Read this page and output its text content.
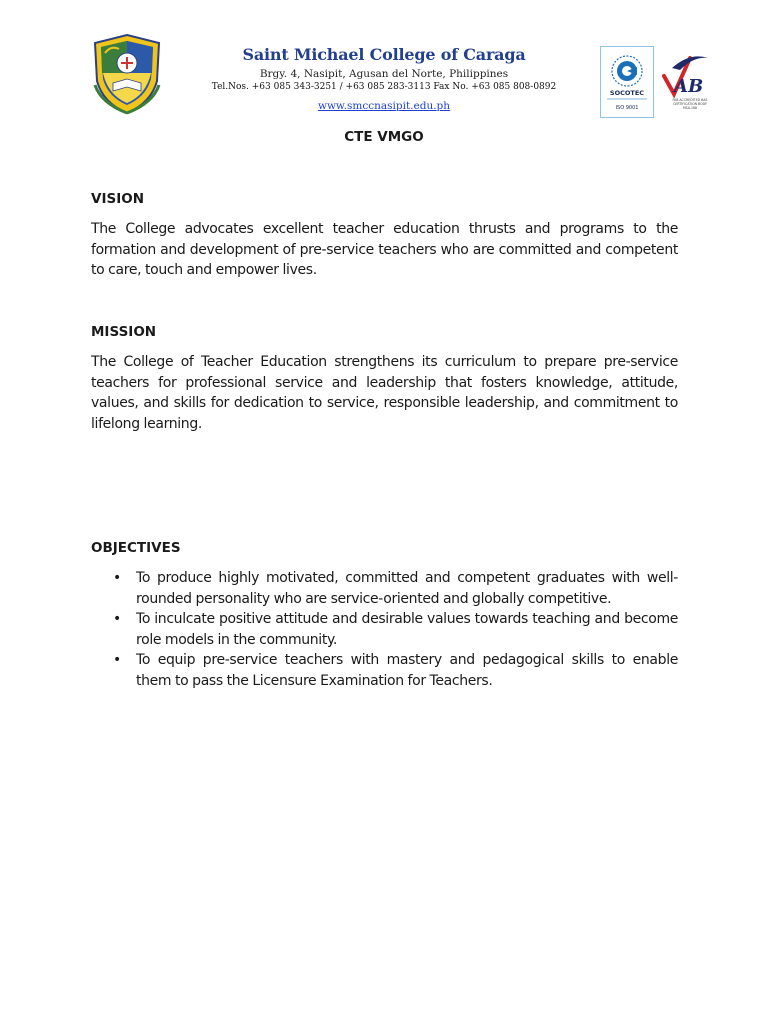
Saint Michael College of Caraga
Brgy. 4, Nasipit, Agusan del Norte, Philippines
Tel.Nos. +63 085 343-3251 / +63 085 283-3113 Fax No. +63 085 808-0892
www.smccnasipit.edu.ph
SOCOTEC
ISO 9001
AB
FAB ACCREDITED BAS CERTIFICATION BODY MSA-168
CTE VMGO
VISION
The College advocates excellent teacher education thrusts and programs to the formation and development of pre-service teachers who are committed and competent to care, touch and empower lives.
MISSION
The College of Teacher Education strengthens its curriculum to prepare pre-service teachers for professional service and leadership that fosters knowledge, attitude, values, and skills for dedication to service, responsible leadership, and commitment to lifelong learning.
OBJECTIVES
• To produce highly motivated, committed and competent graduates with well-rounded personality who are service-oriented and globally competitive.
• To inculcate positive attitude and desirable values towards teaching and become role models in the community.
• To equip pre-service teachers with mastery and pedagogical skills to enable them to pass the Licensure Examination for Teachers.
